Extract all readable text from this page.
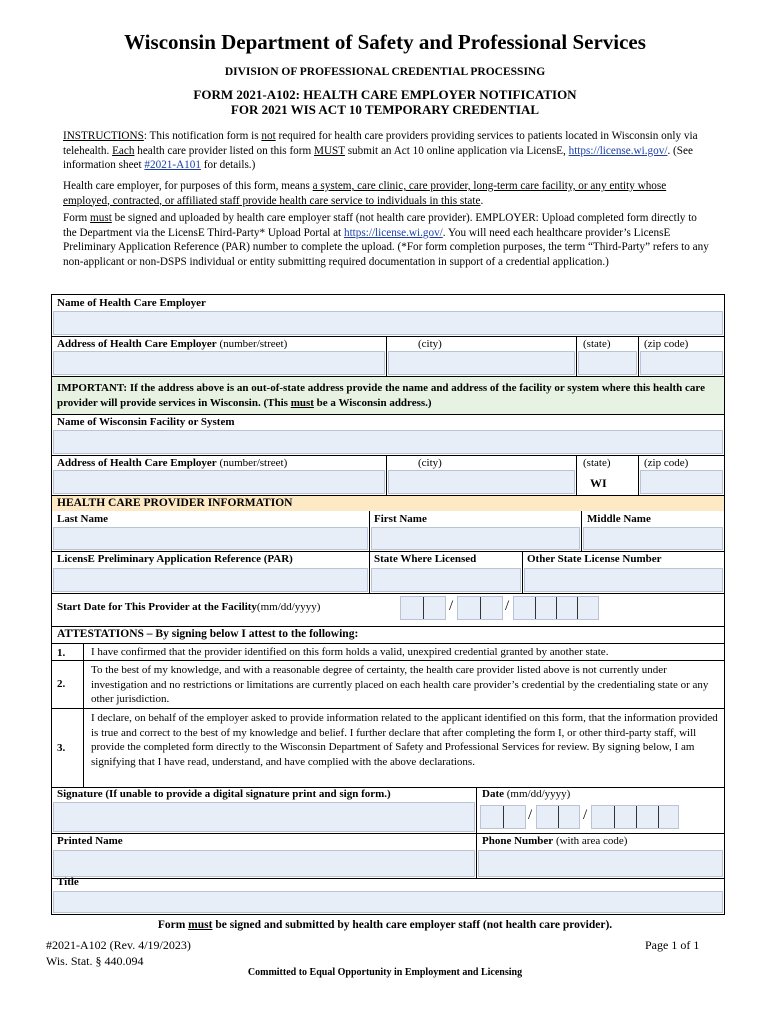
Wisconsin Department of Safety and Professional Services
DIVISION OF PROFESSIONAL CREDENTIAL PROCESSING
FORM 2021-A102: HEALTH CARE EMPLOYER NOTIFICATION
FOR 2021 WIS ACT 10 TEMPORARY CREDENTIAL
INSTRUCTIONS: This notification form is not required for health care providers providing services to patients located in Wisconsin only via telehealth. Each health care provider listed on this form MUST submit an Act 10 online application via LicensE, https://license.wi.gov/. (See information sheet #2021-A101 for details.)
Health care employer, for purposes of this form, means a system, care clinic, care provider, long-term care facility, or any entity whose employed, contracted, or affiliated staff provide health care service to individuals in this state.
Form must be signed and uploaded by health care employer staff (not health care provider). EMPLOYER: Upload completed form directly to the Department via the LicensE Third-Party* Upload Portal at https://license.wi.gov/. You will need each healthcare provider’s LicensE Preliminary Application Reference (PAR) number to complete the upload. (*For form completion purposes, the term “Third-Party” refers to any non-applicant or non-DSPS individual or entity submitting required documentation in support of a credential application.)
Name of Health Care Employer
Address of Health Care Employer (number/street)	(city)	(state)	(zip code)
IMPORTANT: If the address above is an out-of-state address provide the name and address of the facility or system where this health care provider will provide services in Wisconsin. (This must be a Wisconsin address.)
Name of Wisconsin Facility or System
Address of Health Care Employer (number/street)	(city)	(state)	(zip code)
WI
HEALTH CARE PROVIDER INFORMATION
Last Name	First Name	Middle Name
LicensE Preliminary Application Reference (PAR)	State Where Licensed	Other State License Number
Start Date for This Provider at the Facility(mm/dd/yyyy)	/	/
ATTESTATIONS – By signing below I attest to the following:
1. I have confirmed that the provider identified on this form holds a valid, unexpired credential granted by another state.
2.
To the best of my knowledge, and with a reasonable degree of certainty, the health care provider listed above is not currently under investigation and no restrictions or limitations are currently placed on each health care provider’s credential by the credentialing state or any other jurisdiction.
3.
I declare, on behalf of the employer asked to provide information related to the applicant identified on this form, that the information provided is true and correct to the best of my knowledge and belief. I further declare that after completing the form I, or other third-party staff, will provide the completed form directly to the Wisconsin Department of Safety and Professional Services for review. By signing below, I am signifying that I have read, understand, and have complied with the above declarations.
Signature (If unable to provide a digital signature print and sign form.)	Date (mm/dd/yyyy)
/	/
Printed Name	Phone Number (with area code)
Title
Form must be signed and submitted by health care employer staff (not health care provider).
#2021-A102 (Rev. 4/19/2023)
Wis. Stat. § 440.094
Page 1 of 1
Committed to Equal Opportunity in Employment and Licensing
